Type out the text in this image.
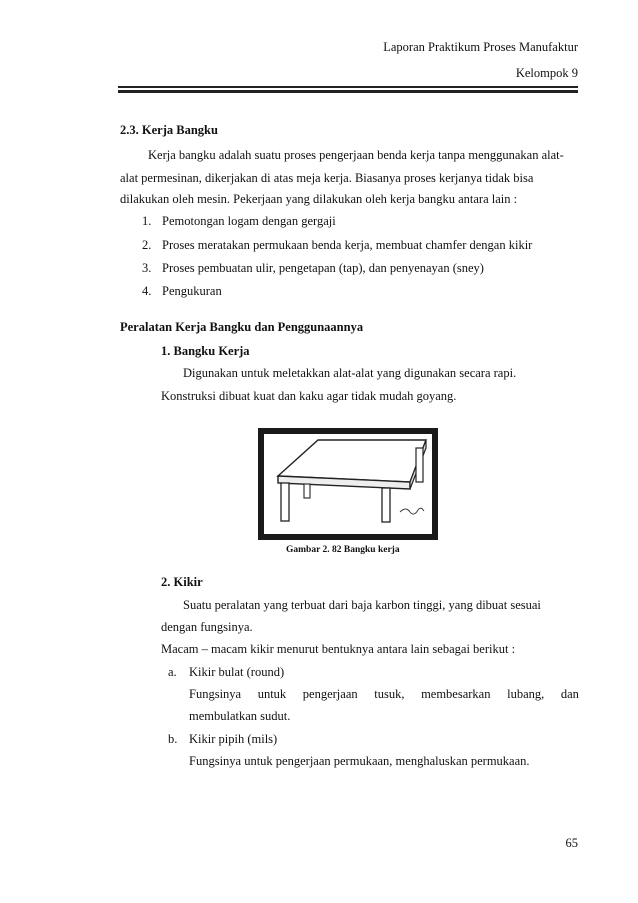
Laporan Praktikum Proses Manufaktur
Kelompok 9
2.3. Kerja Bangku
Kerja bangku adalah suatu proses pengerjaan benda kerja tanpa menggunakan alat-
alat permesinan, dikerjakan di atas meja kerja. Biasanya proses kerjanya tidak bisa
dilakukan oleh mesin. Pekerjaan yang dilakukan oleh kerja bangku antara lain :
1. Pemotongan logam dengan gergaji
2. Proses meratakan permukaan benda kerja, membuat chamfer dengan kikir
3. Proses pembuatan ulir, pengetapan (tap), dan penyenayan (sney)
4. Pengukuran
Peralatan Kerja Bangku dan Penggunaannya
1. Bangku Kerja
Digunakan untuk meletakkan alat-alat yang digunakan secara rapi.
Konstruksi dibuat kuat dan kaku agar tidak mudah goyang.
Gambar 2. 82 Bangku kerja
2. Kikir
Suatu peralatan yang terbuat dari baja karbon tinggi, yang dibuat sesuai
dengan fungsinya.
Macam – macam kikir menurut bentuknya antara lain sebagai berikut :
a. Kikir bulat (round)
Fungsinya untuk pengerjaan tusuk, membesarkan lubang, dan
membulatkan sudut.
b. Kikir pipih (mils)
Fungsinya untuk pengerjaan permukaan, menghaluskan permukaan.
65
